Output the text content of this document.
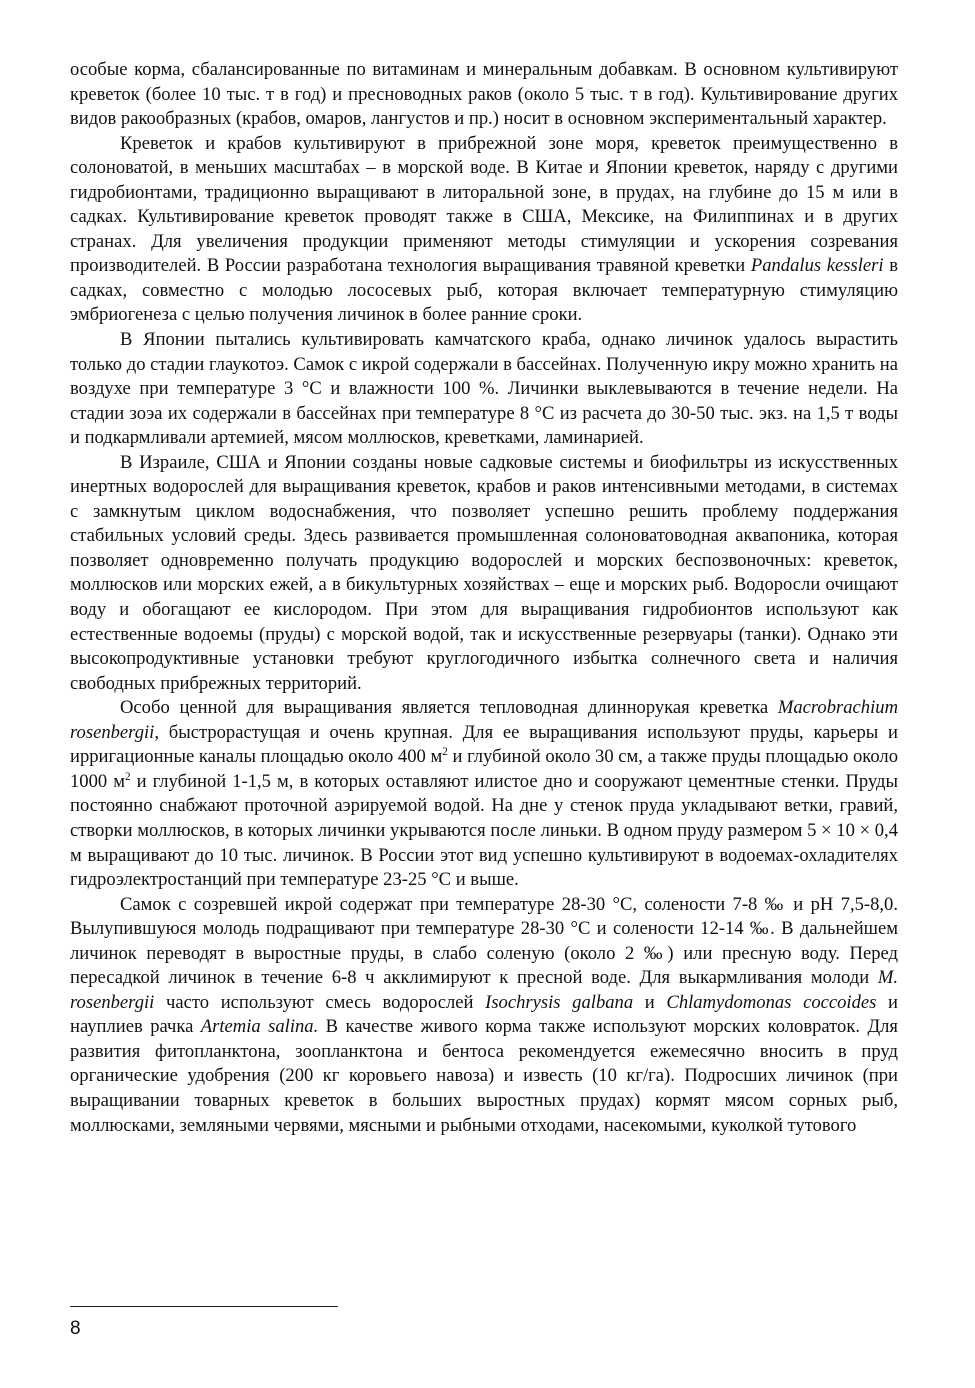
особые корма, сбалансированные по витаминам и минеральным добавкам. В основном культивируют креветок (более 10 тыс. т в год) и пресноводных раков (около 5 тыс. т в год). Культивирование других видов ракообразных (крабов, омаров, лангустов и пр.) носит в основном экспериментальный характер.

Креветок и крабов культивируют в прибрежной зоне моря, креветок преимущественно в солоноватой, в меньших масштабах – в морской воде. В Китае и Японии креветок, наряду с другими гидробионтами, традиционно выращивают в литоральной зоне, в прудах, на глубине до 15 м или в садках. Культивирование креветок проводят также в США, Мексике, на Филиппинах и в других странах. Для увеличения продукции применяют методы стимуляции и ускорения созревания производителей. В России разработана технология выращивания травяной креветки Pandalus kessleri в садках, совместно с молодью лососевых рыб, которая включает температурную стимуляцию эмбриогенеза с целью получения личинок в более ранние сроки.

В Японии пытались культивировать камчатского краба, однако личинок удалось вырастить только до стадии глаукотоэ. Самок с икрой содержали в бассейнах. Полученную икру можно хранить на воздухе при температуре 3 °С и влажности 100 %. Личинки выклевываются в течение недели. На стадии зоэа их содержали в бассейнах при температуре 8 °С из расчета до 30-50 тыс. экз. на 1,5 т воды и подкармливали артемией, мясом моллюсков, креветками, ламинарией.

В Израиле, США и Японии созданы новые садковые системы и биофильтры из искусственных инертных водорослей для выращивания креветок, крабов и раков интенсивными методами, в системах с замкнутым циклом водоснабжения, что позволяет успешно решить проблему поддержания стабильных условий среды. Здесь развивается промышленная солоноватоводная аквапоника, которая позволяет одновременно получать продукцию водорослей и морских беспозвоночных: креветок, моллюсков или морских ежей, а в бикультурных хозяйствах – еще и морских рыб. Водоросли очищают воду и обогащают ее кислородом. При этом для выращивания гидробионтов используют как естественные водоемы (пруды) с морской водой, так и искусственные резервуары (танки). Однако эти высокопродуктивные установки требуют круглогодичного избытка солнечного света и наличия свободных прибрежных территорий.

Особо ценной для выращивания является тепловодная длиннорукая креветка Macrobrachium rosenbergii, быстрорастущая и очень крупная. Для ее выращивания используют пруды, карьеры и ирригационные каналы площадью около 400 $м^2$ и глубиной около 30 см, а также пруды площадью около 1000 $м^2$ и глубиной 1-1,5 м, в которых оставляют илистое дно и сооружают цементные стенки. Пруды постоянно снабжают проточной аэрируемой водой. На дне у стенок пруда укладывают ветки, гравий, створки моллюсков, в которых личинки укрываются после линьки. В одном пруду размером 5 × 10 × 0,4 м выращивают до 10 тыс. личинок. В России этот вид успешно культивируют в водоемах-охладителях гидроэлектростанций при температуре 23-25 °С и выше.

Самок с созревшей икрой содержат при температуре 28-30 °С, солености 7-8 ‰ и рН 7,5-8,0. Вылупившуюся молодь подращивают при температуре 28-30 °С и солености 12-14 ‰. В дальнейшем личинок переводят в выростные пруды, в слабо соленую (около 2 ‰) или пресную воду. Перед пересадкой личинок в течение 6-8 ч акклимируют к пресной воде. Для выкармливания молоди M. rosenbergii часто используют смесь водорослей Isochrysis galbana и Chlamydomonas coccoides и науплиев рачка Artemia salina. В качестве живого корма также используют морских коловраток. Для развития фитопланктона, зоопланктона и бентоса рекомендуется ежемесячно вносить в пруд органические удобрения (200 кг коровьего навоза) и известь (10 кг/га). Подросших личинок (при выращивании товарных креветок в больших выростных прудах) кормят мясом сорных рыб, моллюсками, земляными червями, мясными и рыбными отходами, насекомыми, куколкой тутового

8
